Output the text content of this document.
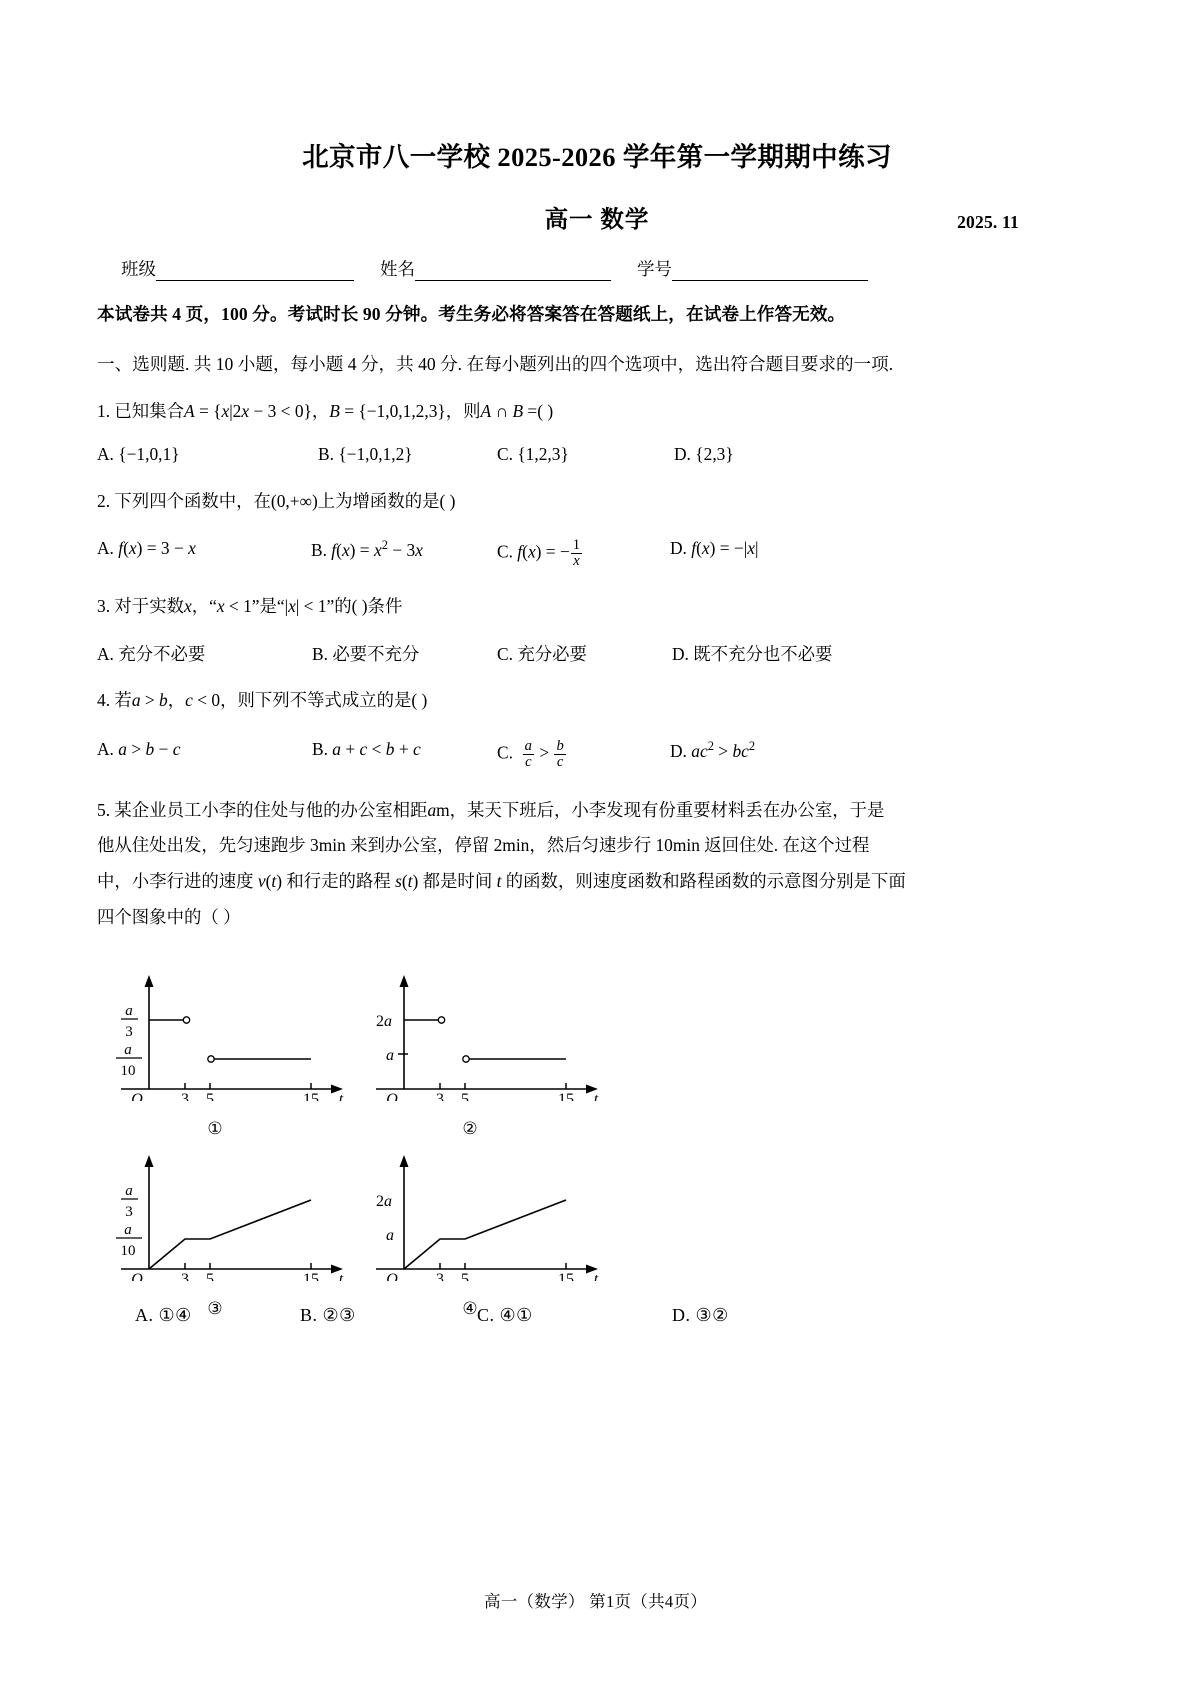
北京市八一学校 2025-2026 学年第一学期期中练习
高一 数学	2025. 11
班级	姓名	学号
本试卷共 4 页，100 分。考试时长 90 分钟。考生务必将答案答在答题纸上，在试卷上作答无效。
一、选则题. 共 10 小题，每小题 4 分，共 40 分. 在每小题列出的四个选项中，选出符合题目要求的一项.
1. 已知集合A = {x|2x − 3 < 0}，B = {−1,0,1,2,3}，则A ∩ B =( )
A. {−1,0,1}	B. {−1,0,1,2}	C. {1,2,3}	D. {2,3}
2. 下列四个函数中，在(0,+∞)上为增函数的是( )
A. f(x) = 3 − x	B. $f(x) = x^2 - 3x$	C. f(x) = − $\frac{1}{x}$	D. f(x) = −|x|
3. 对于实数x，“x < 1”是“|x| < 1”的( )条件
A. 充分不必要	B. 必要不充分	C. 充分必要	D. 既不充分也不必要
4. 若a > b，c < 0，则下列不等式成立的是( )
A. a > b − c	B. a + c < b + c	C. $\frac{a}{c} > \frac{b}{c}$	D. $ac^2 > bc^2$
5. 某企业员工小李的住处与他的办公室相距am，某天下班后，小李发现有份重要材料丢在办公室，于是
他从住处出发，先匀速跑步 3min 来到办公室，停留 2min，然后匀速步行 10min 返回住处. 在这个过程
中，小李行进的速度 v(t) 和行走的路程 s(t) 都是时间 t 的函数，则速度函数和路程函数的示意图分别是下面
四个图象中的（ ）
a
3
a
10
O 3 5	15 t
①
2a
a
O 3 5	15 t
②
a
3
a
10
O 3 5	15 t
③
2a
a
O 3 5	15 t
④
A. ①④	B. ②③	C. ④①	D. ③②
高一（数学） 第1页（共4页）
